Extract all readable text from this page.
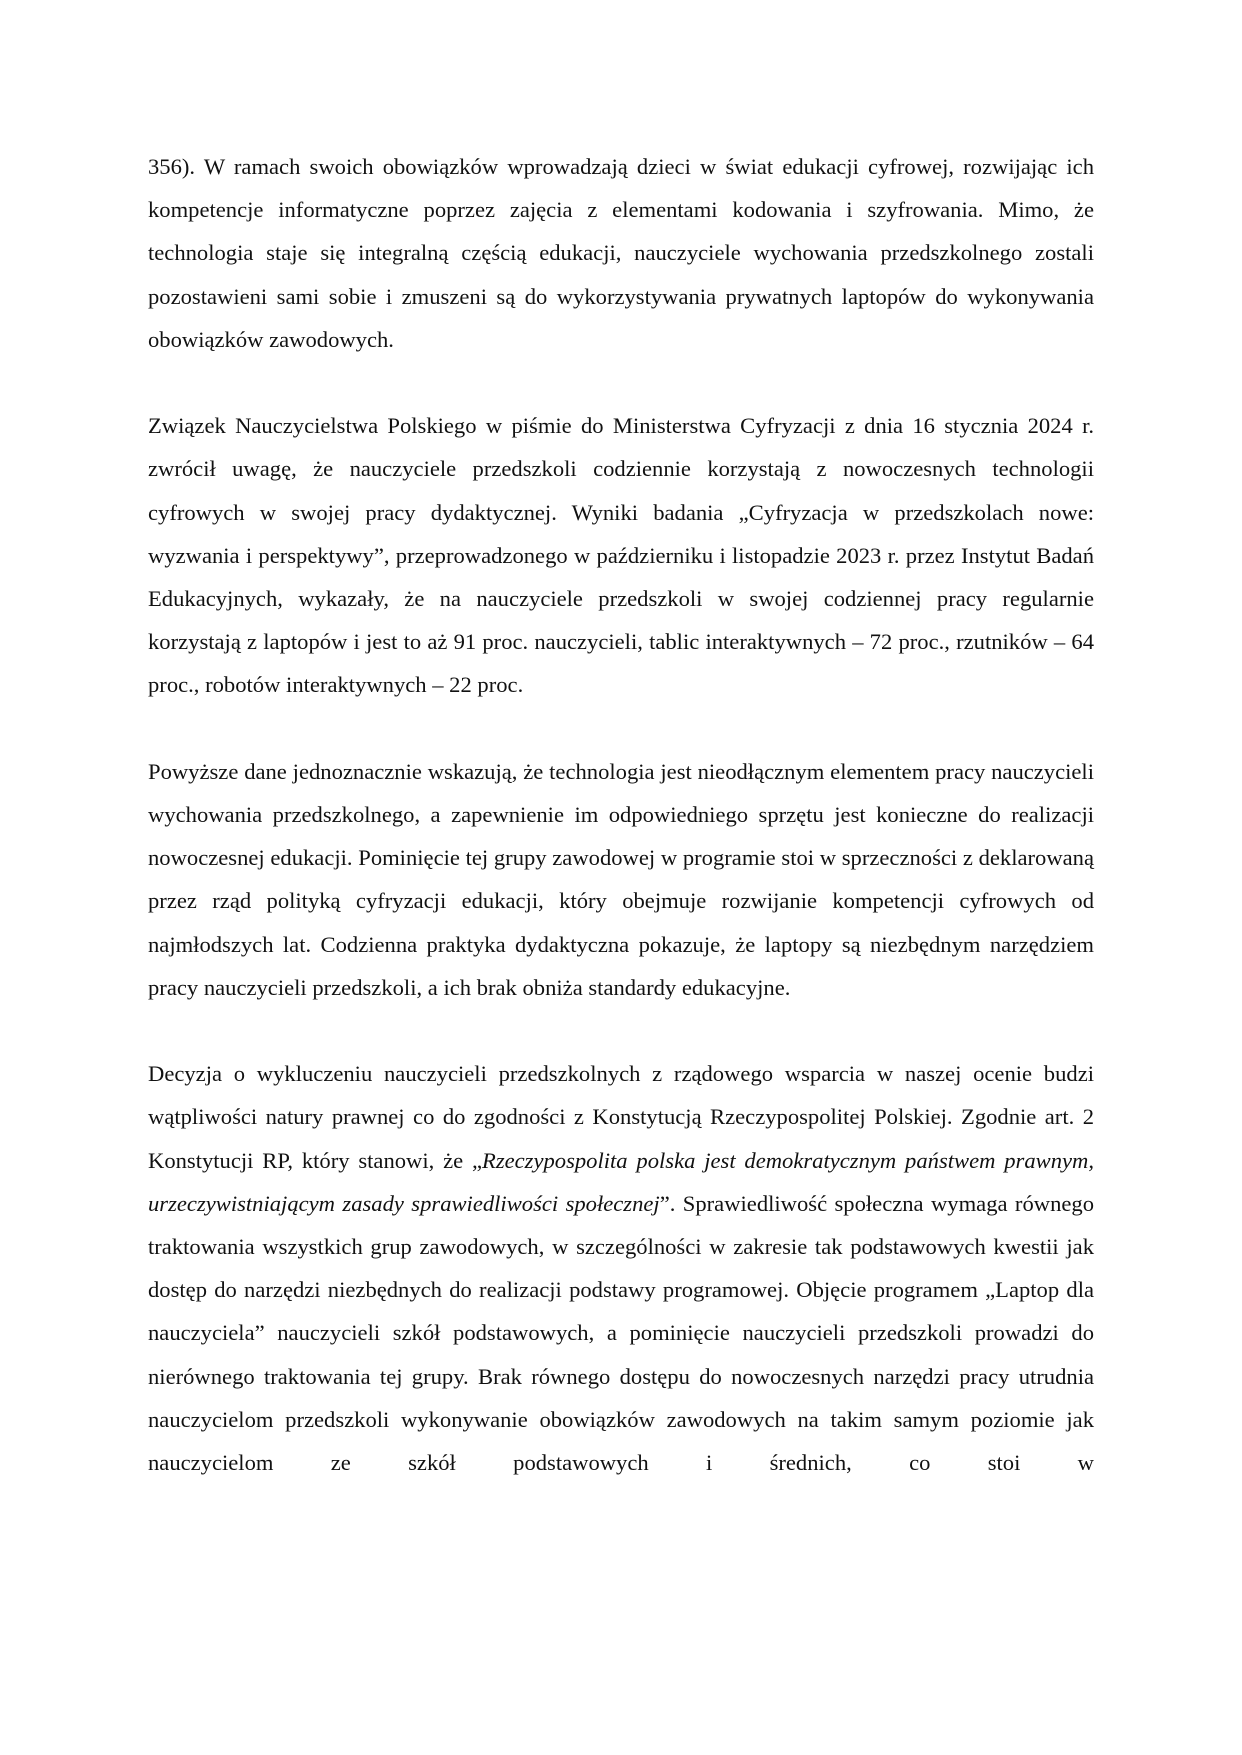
356). W ramach swoich obowiązków wprowadzają dzieci w świat edukacji cyfrowej, rozwijając ich kompetencje informatyczne poprzez zajęcia z elementami kodowania i szyfrowania. Mimo, że technologia staje się integralną częścią edukacji, nauczyciele wychowania przedszkolnego zostali pozostawieni sami sobie i zmuszeni są do wykorzystywania prywatnych laptopów do wykonywania obowiązków zawodowych.

Związek Nauczycielstwa Polskiego w piśmie do Ministerstwa Cyfryzacji z dnia 16 stycznia 2024 r. zwrócił uwagę, że nauczyciele przedszkoli codziennie korzystają z nowoczesnych technologii cyfrowych w swojej pracy dydaktycznej. Wyniki badania „Cyfryzacja w przedszkolach nowe: wyzwania i perspektywy”, przeprowadzonego w październiku i listopadzie 2023 r. przez Instytut Badań Edukacyjnych, wykazały, że na nauczyciele przedszkoli w swojej codziennej pracy regularnie korzystają z laptopów i jest to aż 91 proc. nauczycieli, tablic interaktywnych – 72 proc., rzutników – 64 proc., robotów interaktywnych – 22 proc.

Powyższe dane jednoznacznie wskazują, że technologia jest nieodłącznym elementem pracy nauczycieli wychowania przedszkolnego, a zapewnienie im odpowiedniego sprzętu jest konieczne do realizacji nowoczesnej edukacji. Pominięcie tej grupy zawodowej w programie stoi w sprzeczności z deklarowaną przez rząd polityką cyfryzacji edukacji, który obejmuje rozwijanie kompetencji cyfrowych od najmłodszych lat. Codzienna praktyka dydaktyczna pokazuje, że laptopy są niezbędnym narzędziem pracy nauczycieli przedszkoli, a ich brak obniża standardy edukacyjne.

Decyzja o wykluczeniu nauczycieli przedszkolnych z rządowego wsparcia w naszej ocenie budzi wątpliwości natury prawnej co do zgodności z Konstytucją Rzeczypospolitej Polskiej. Zgodnie art. 2 Konstytucji RP, który stanowi, że „Rzeczypospolita polska jest demokratycznym państwem prawnym, urzeczywistniającym zasady sprawiedliwości społecznej”. Sprawiedliwość społeczna wymaga równego traktowania wszystkich grup zawodowych, w szczególności w zakresie tak podstawowych kwestii jak dostęp do narzędzi niezbędnych do realizacji podstawy programowej. Objęcie programem „Laptop dla nauczyciela” nauczycieli szkół podstawowych, a pominięcie nauczycieli przedszkoli prowadzi do nierównego traktowania tej grupy. Brak równego dostępu do nowoczesnych narzędzi pracy utrudnia nauczycielom przedszkoli wykonywanie obowiązków zawodowych na takim samym poziomie jak nauczycielom ze szkół podstawowych i średnich, co stoi w
